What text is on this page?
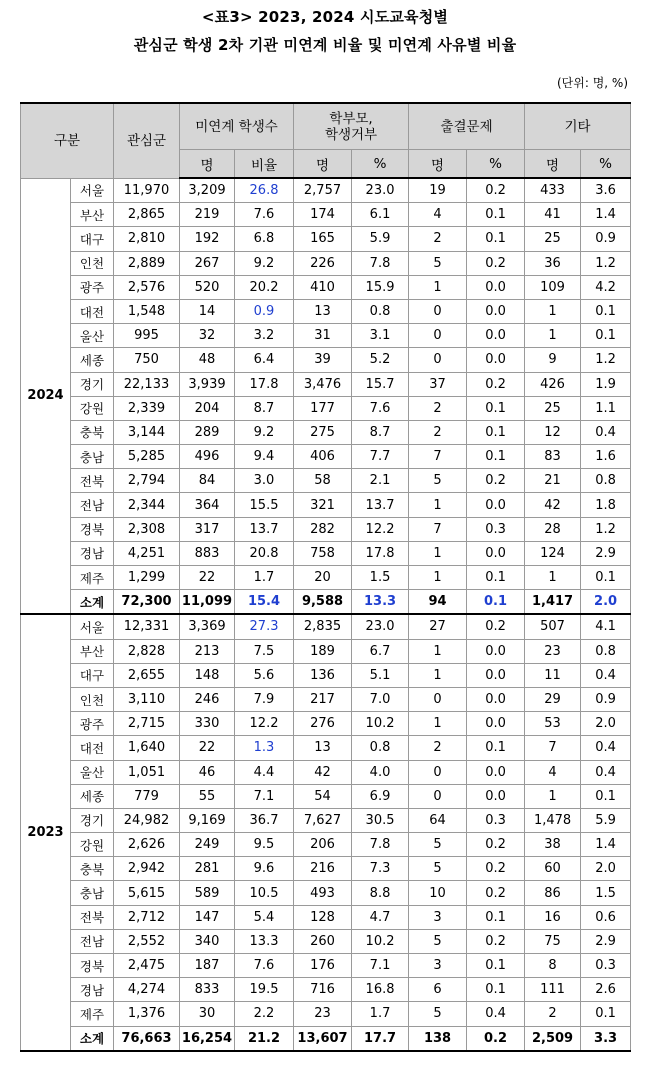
<표3> 2023, 2024 시도교육청별
관심군 학생 2차 기관 미연계 비율 및 미연계 사유별 비율
(단위: 명, %)
구분		관심군	미연계 학생수		학부모,
학생거부		출결문제		기타	
			명	비율	명	%	명	%	명	%
2024	서울	11,970	3,209	26.8	2,757	23.0	19	0.2	433	3.6
	부산	2,865	219	7.6	174	6.1	4	0.1	41	1.4
	대구	2,810	192	6.8	165	5.9	2	0.1	25	0.9
	인천	2,889	267	9.2	226	7.8	5	0.2	36	1.2
	광주	2,576	520	20.2	410	15.9	1	0.0	109	4.2
	대전	1,548	14	0.9	13	0.8	0	0.0	1	0.1
	울산	995	32	3.2	31	3.1	0	0.0	1	0.1
	세종	750	48	6.4	39	5.2	0	0.0	9	1.2
	경기	22,133	3,939	17.8	3,476	15.7	37	0.2	426	1.9
	강원	2,339	204	8.7	177	7.6	2	0.1	25	1.1
	충북	3,144	289	9.2	275	8.7	2	0.1	12	0.4
	충남	5,285	496	9.4	406	7.7	7	0.1	83	1.6
	전북	2,794	84	3.0	58	2.1	5	0.2	21	0.8
	전남	2,344	364	15.5	321	13.7	1	0.0	42	1.8
	경북	2,308	317	13.7	282	12.2	7	0.3	28	1.2
	경남	4,251	883	20.8	758	17.8	1	0.0	124	2.9
	제주	1,299	22	1.7	20	1.5	1	0.1	1	0.1
	소계	72,300	11,099	15.4	9,588	13.3	94	0.1	1,417	2.0
2023	서울	12,331	3,369	27.3	2,835	23.0	27	0.2	507	4.1
	부산	2,828	213	7.5	189	6.7	1	0.0	23	0.8
	대구	2,655	148	5.6	136	5.1	1	0.0	11	0.4
	인천	3,110	246	7.9	217	7.0	0	0.0	29	0.9
	광주	2,715	330	12.2	276	10.2	1	0.0	53	2.0
	대전	1,640	22	1.3	13	0.8	2	0.1	7	0.4
	울산	1,051	46	4.4	42	4.0	0	0.0	4	0.4
	세종	779	55	7.1	54	6.9	0	0.0	1	0.1
	경기	24,982	9,169	36.7	7,627	30.5	64	0.3	1,478	5.9
	강원	2,626	249	9.5	206	7.8	5	0.2	38	1.4
	충북	2,942	281	9.6	216	7.3	5	0.2	60	2.0
	충남	5,615	589	10.5	493	8.8	10	0.2	86	1.5
	전북	2,712	147	5.4	128	4.7	3	0.1	16	0.6
	전남	2,552	340	13.3	260	10.2	5	0.2	75	2.9
	경북	2,475	187	7.6	176	7.1	3	0.1	8	0.3
	경남	4,274	833	19.5	716	16.8	6	0.1	111	2.6
	제주	1,376	30	2.2	23	1.7	5	0.4	2	0.1
	소계	76,663	16,254	21.2	13,607	17.7	138	0.2	2,509	3.3
